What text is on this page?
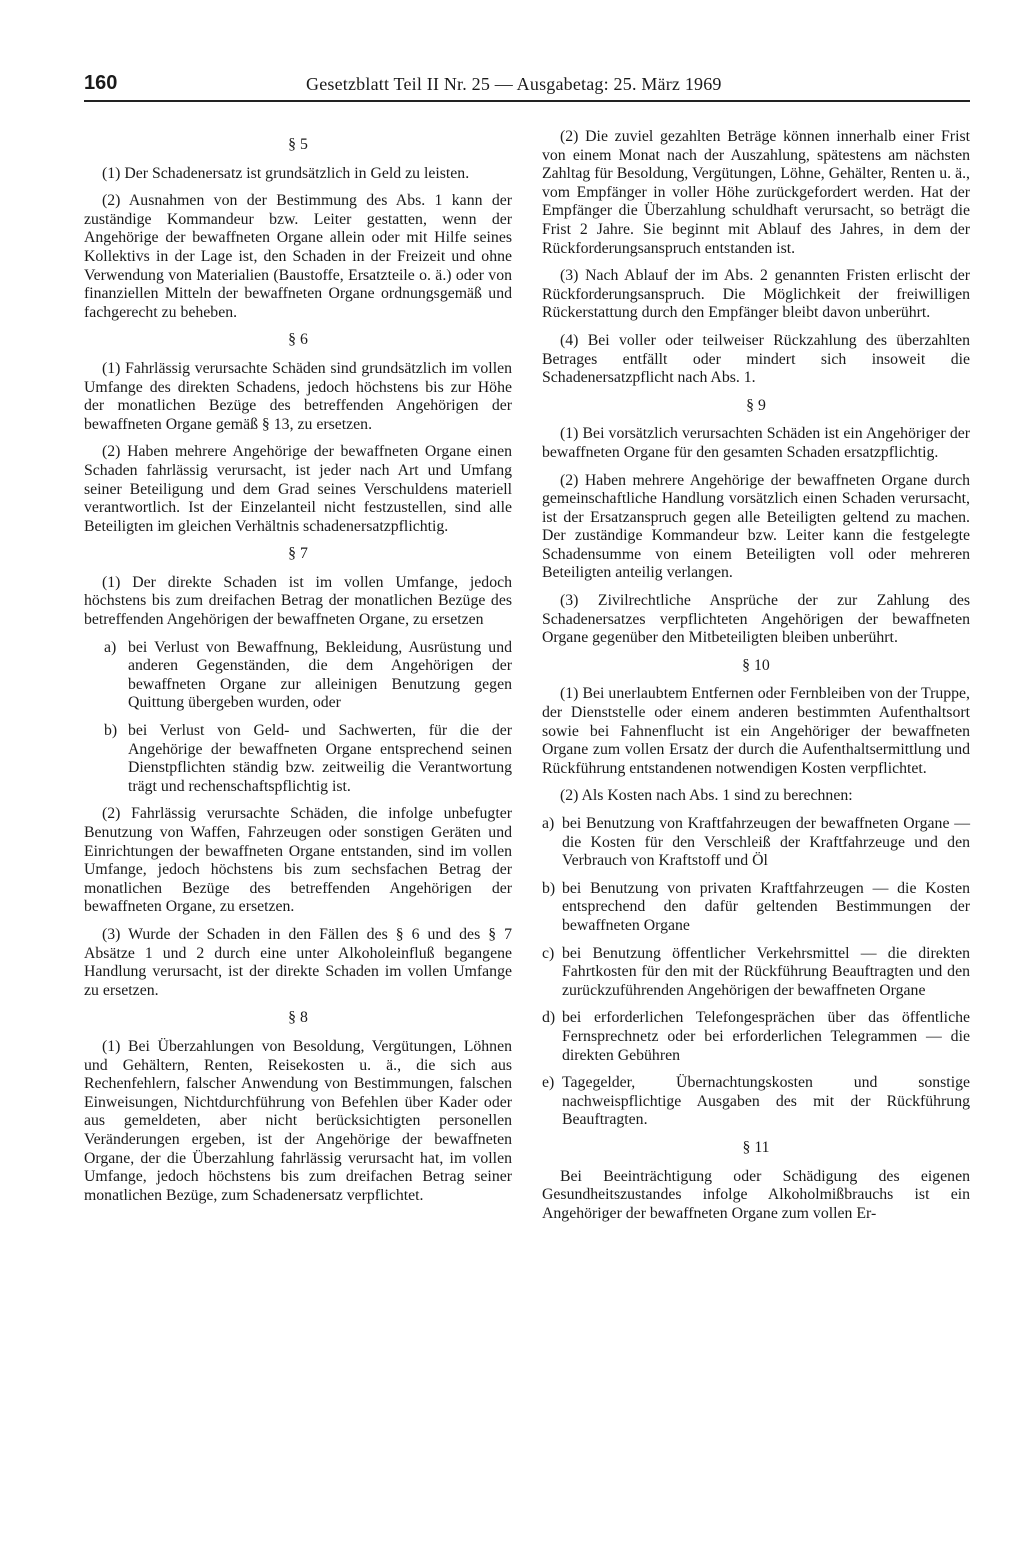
160	Gesetzblatt Teil II Nr. 25 — Ausgabetag: 25. März 1969

§ 5

(1) Der Schadenersatz ist grundsätzlich in Geld zu leisten.

(2) Ausnahmen von der Bestimmung des Abs. 1 kann der zuständige Kommandeur bzw. Leiter gestatten, wenn der Angehörige der bewaffneten Organe allein oder mit Hilfe seines Kollektivs in der Lage ist, den Schaden in der Freizeit und ohne Verwendung von Materialien (Baustoffe, Ersatzteile o. ä.) oder von finanziellen Mitteln der bewaffneten Organe ordnungsgemäß und fachgerecht zu beheben.

§ 6

(1) Fahrlässig verursachte Schäden sind grundsätzlich im vollen Umfange des direkten Schadens, jedoch höchstens bis zur Höhe der monatlichen Bezüge des betreffenden Angehörigen der bewaffneten Organe gemäß § 13, zu ersetzen.

(2) Haben mehrere Angehörige der bewaffneten Organe einen Schaden fahrlässig verursacht, ist jeder nach Art und Umfang seiner Beteiligung und dem Grad seines Verschuldens materiell verantwortlich. Ist der Einzelanteil nicht festzustellen, sind alle Beteiligten im gleichen Verhältnis schadenersatzpflichtig.

§ 7

(1) Der direkte Schaden ist im vollen Umfange, jedoch höchstens bis zum dreifachen Betrag der monatlichen Bezüge des betreffenden Angehörigen der bewaffneten Organe, zu ersetzen

a) bei Verlust von Bewaffnung, Bekleidung, Ausrüstung und anderen Gegenständen, die dem Angehörigen der bewaffneten Organe zur alleinigen Benutzung gegen Quittung übergeben wurden, oder

b) bei Verlust von Geld- und Sachwerten, für die der Angehörige der bewaffneten Organe entsprechend seinen Dienstpflichten ständig bzw. zeitweilig die Verantwortung trägt und rechenschaftspflichtig ist.

(2) Fahrlässig verursachte Schäden, die infolge unbefugter Benutzung von Waffen, Fahrzeugen oder sonstigen Geräten und Einrichtungen der bewaffneten Organe entstanden, sind im vollen Umfange, jedoch höchstens bis zum sechsfachen Betrag der monatlichen Bezüge des betreffenden Angehörigen der bewaffneten Organe, zu ersetzen.

(3) Wurde der Schaden in den Fällen des § 6 und des § 7 Absätze 1 und 2 durch eine unter Alkoholeinfluß begangene Handlung verursacht, ist der direkte Schaden im vollen Umfange zu ersetzen.

§ 8

(1) Bei Überzahlungen von Besoldung, Vergütungen, Löhnen und Gehältern, Renten, Reisekosten u. ä., die sich aus Rechenfehlern, falscher Anwendung von Bestimmungen, falschen Einweisungen, Nichtdurchführung von Befehlen über Kader oder aus gemeldeten, aber nicht berücksichtigten personellen Veränderungen ergeben, ist der Angehörige der bewaffneten Organe, der die Überzahlung fahrlässig verursacht hat, im vollen Umfange, jedoch höchstens bis zum dreifachen Betrag seiner monatlichen Bezüge, zum Schadenersatz verpflichtet.

(2) Die zuviel gezahlten Beträge können innerhalb einer Frist von einem Monat nach der Auszahlung, spätestens am nächsten Zahltag für Besoldung, Vergütungen, Löhne, Gehälter, Renten u. ä., vom Empfänger in voller Höhe zurückgefordert werden. Hat der Empfänger die Überzahlung schuldhaft verursacht, so beträgt die Frist 2 Jahre. Sie beginnt mit Ablauf des Jahres, in dem der Rückforderungsanspruch entstanden ist.

(3) Nach Ablauf der im Abs. 2 genannten Fristen erlischt der Rückforderungsanspruch. Die Möglichkeit der freiwilligen Rückerstattung durch den Empfänger bleibt davon unberührt.

(4) Bei voller oder teilweiser Rückzahlung des überzahlten Betrages entfällt oder mindert sich insoweit die Schadenersatzpflicht nach Abs. 1.

§ 9

(1) Bei vorsätzlich verursachten Schäden ist ein Angehöriger der bewaffneten Organe für den gesamten Schaden ersatzpflichtig.

(2) Haben mehrere Angehörige der bewaffneten Organe durch gemeinschaftliche Handlung vorsätzlich einen Schaden verursacht, ist der Ersatzanspruch gegen alle Beteiligten geltend zu machen. Der zuständige Kommandeur bzw. Leiter kann die festgelegte Schadensumme von einem Beteiligten voll oder mehreren Beteiligten anteilig verlangen.

(3) Zivilrechtliche Ansprüche der zur Zahlung des Schadenersatzes verpflichteten Angehörigen der bewaffneten Organe gegenüber den Mitbeteiligten bleiben unberührt.

§ 10

(1) Bei unerlaubtem Entfernen oder Fernbleiben von der Truppe, der Dienststelle oder einem anderen bestimmten Aufenthaltsort sowie bei Fahnenflucht ist ein Angehöriger der bewaffneten Organe zum vollen Ersatz der durch die Aufenthaltsermittlung und Rückführung entstandenen notwendigen Kosten verpflichtet.

(2) Als Kosten nach Abs. 1 sind zu berechnen:

a) bei Benutzung von Kraftfahrzeugen der bewaffneten Organe — die Kosten für den Verschleiß der Kraftfahrzeuge und den Verbrauch von Kraftstoff und Öl

b) bei Benutzung von privaten Kraftfahrzeugen — die Kosten entsprechend den dafür geltenden Bestimmungen der bewaffneten Organe

c) bei Benutzung öffentlicher Verkehrsmittel — die direkten Fahrtkosten für den mit der Rückführung Beauftragten und den zurückzuführenden Angehörigen der bewaffneten Organe

d) bei erforderlichen Telefongesprächen über das öffentliche Fernsprechnetz oder bei erforderlichen Telegrammen — die direkten Gebühren

e) Tagegelder, Übernachtungskosten und sonstige nachweispflichtige Ausgaben des mit der Rückführung Beauftragten.

§ 11

Bei Beeinträchtigung oder Schädigung des eigenen Gesundheitszustandes infolge Alkoholmißbrauchs ist ein Angehöriger der bewaffneten Organe zum vollen Er-
